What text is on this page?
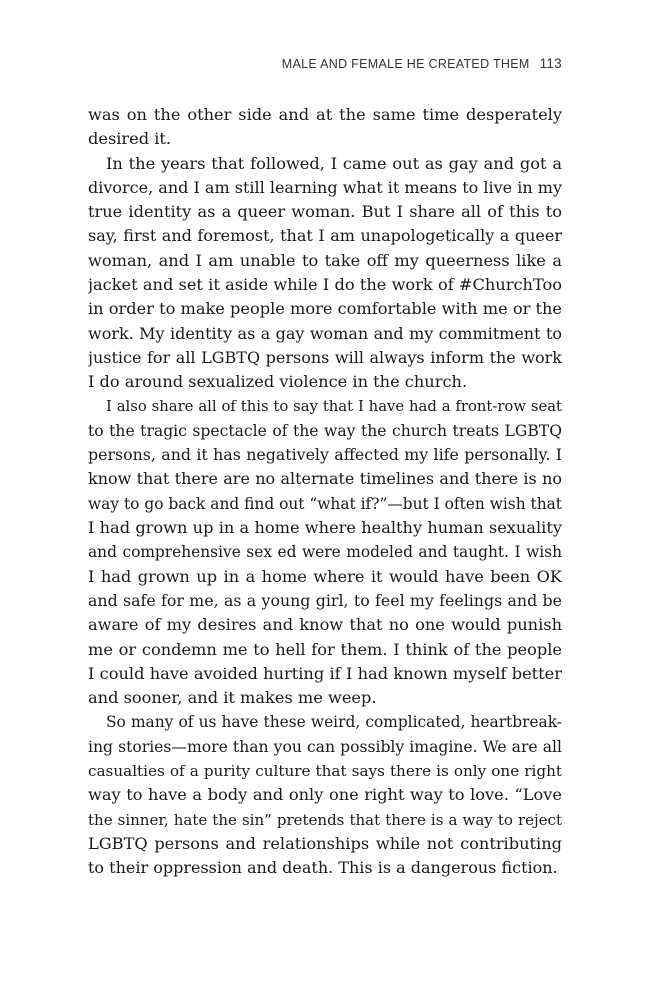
MALE AND FEMALE HE CREATED THEM 113
was on the other side and at the same time desperately
desired it.
In the years that followed, I came out as gay and got a
divorce, and I am still learning what it means to live in my
true identity as a queer woman. But I share all of this to
say, first and foremost, that I am unapologetically a queer
woman, and I am unable to take off my queerness like a
jacket and set it aside while I do the work of #ChurchToo
in order to make people more comfortable with me or the
work. My identity as a gay woman and my commitment to
justice for all LGBTQ persons will always inform the work
I do around sexualized violence in the church.
I also share all of this to say that I have had a front-row seat
to the tragic spectacle of the way the church treats LGBTQ
persons, and it has negatively affected my life personally. I
know that there are no alternate timelines and there is no
way to go back and find out “what if?”—but I often wish that
I had grown up in a home where healthy human sexuality
and comprehensive sex ed were modeled and taught. I wish
I had grown up in a home where it would have been OK
and safe for me, as a young girl, to feel my feelings and be
aware of my desires and know that no one would punish
me or condemn me to hell for them. I think of the people
I could have avoided hurting if I had known myself better
and sooner, and it makes me weep.
So many of us have these weird, complicated, heartbreak-
ing stories—more than you can possibly imagine. We are all
casualties of a purity culture that says there is only one right
way to have a body and only one right way to love. “Love
the sinner, hate the sin” pretends that there is a way to reject
LGBTQ persons and relationships while not contributing
to their oppression and death. This is a dangerous fiction.
